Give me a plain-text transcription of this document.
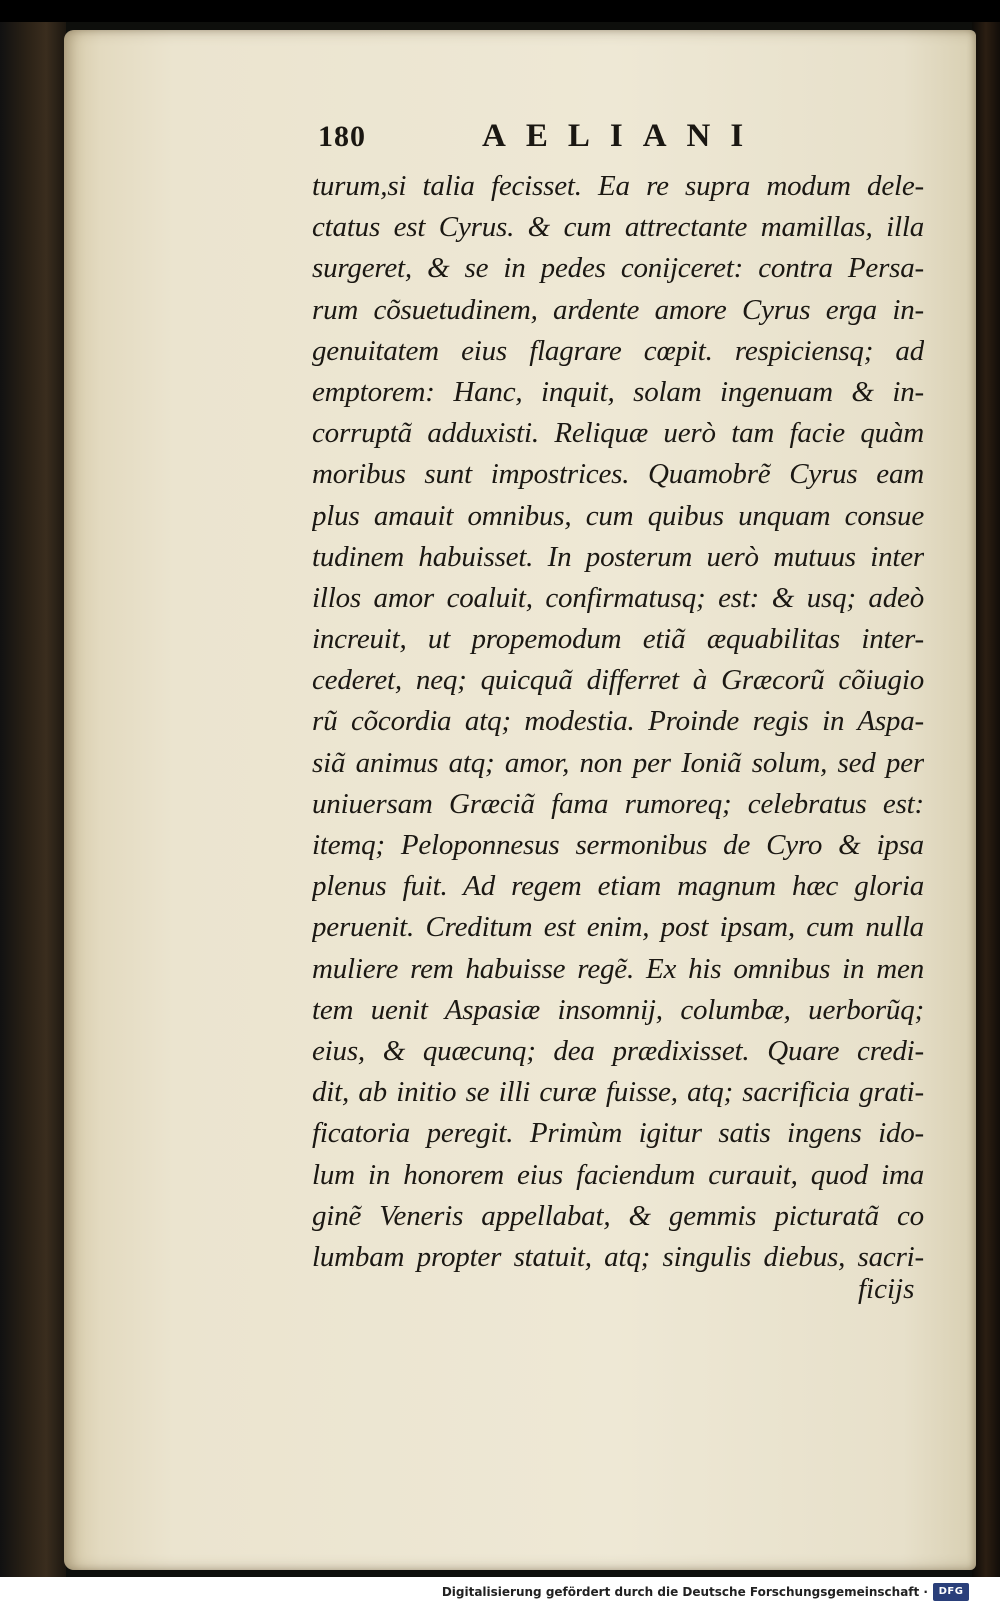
180	AELIANI
turum,si talia fecisset. Ea re supra modum dele-
ctatus est Cyrus. & cum attrectante mamillas, illa
surgeret, & se in pedes conijceret: contra Persa-
rum cõsuetudinem, ardente amore Cyrus erga in-
genuitatem eius flagrare cœpit. respiciensq; ad
emptorem: Hanc, inquit, solam ingenuam & in-
corruptã adduxisti. Reliquæ uerò tam facie quàm
moribus sunt impostrices. Quamobrẽ Cyrus eam
plus amauit omnibus, cum quibus unquam consue
tudinem habuisset. In posterum uerò mutuus inter
illos amor coaluit, confirmatusq; est: & usq; adeò
increuit, ut propemodum etiã æquabilitas inter-
cederet, neq; quicquã differret à Græcorũ cõiugio
rũ cõcordia atq; modestia. Proinde regis in Aspa-
siã animus atq; amor, non per Ioniã solum, sed per
uniuersam Græciã fama rumoreq; celebratus est:
itemq; Peloponnesus sermonibus de Cyro & ipsa
plenus fuit. Ad regem etiam magnum hæc gloria
peruenit. Creditum est enim, post ipsam, cum nulla
muliere rem habuisse regẽ. Ex his omnibus in men
tem uenit Aspasiæ insomnij, columbæ, uerborũq;
eius, & quæcunq; dea prædixisset. Quare credi-
dit, ab initio se illi curæ fuisse, atq; sacrificia grati-
ficatoria peregit. Primùm igitur satis ingens ido-
lum in honorem eius faciendum curauit, quod ima
ginẽ Veneris appellabat, & gemmis picturatã co
lumbam propter statuit, atq; singulis diebus, sacri-
ficijs
Digitalisierung gefördert durch die Deutsche Forschungsgemeinschaft ·	DFG
